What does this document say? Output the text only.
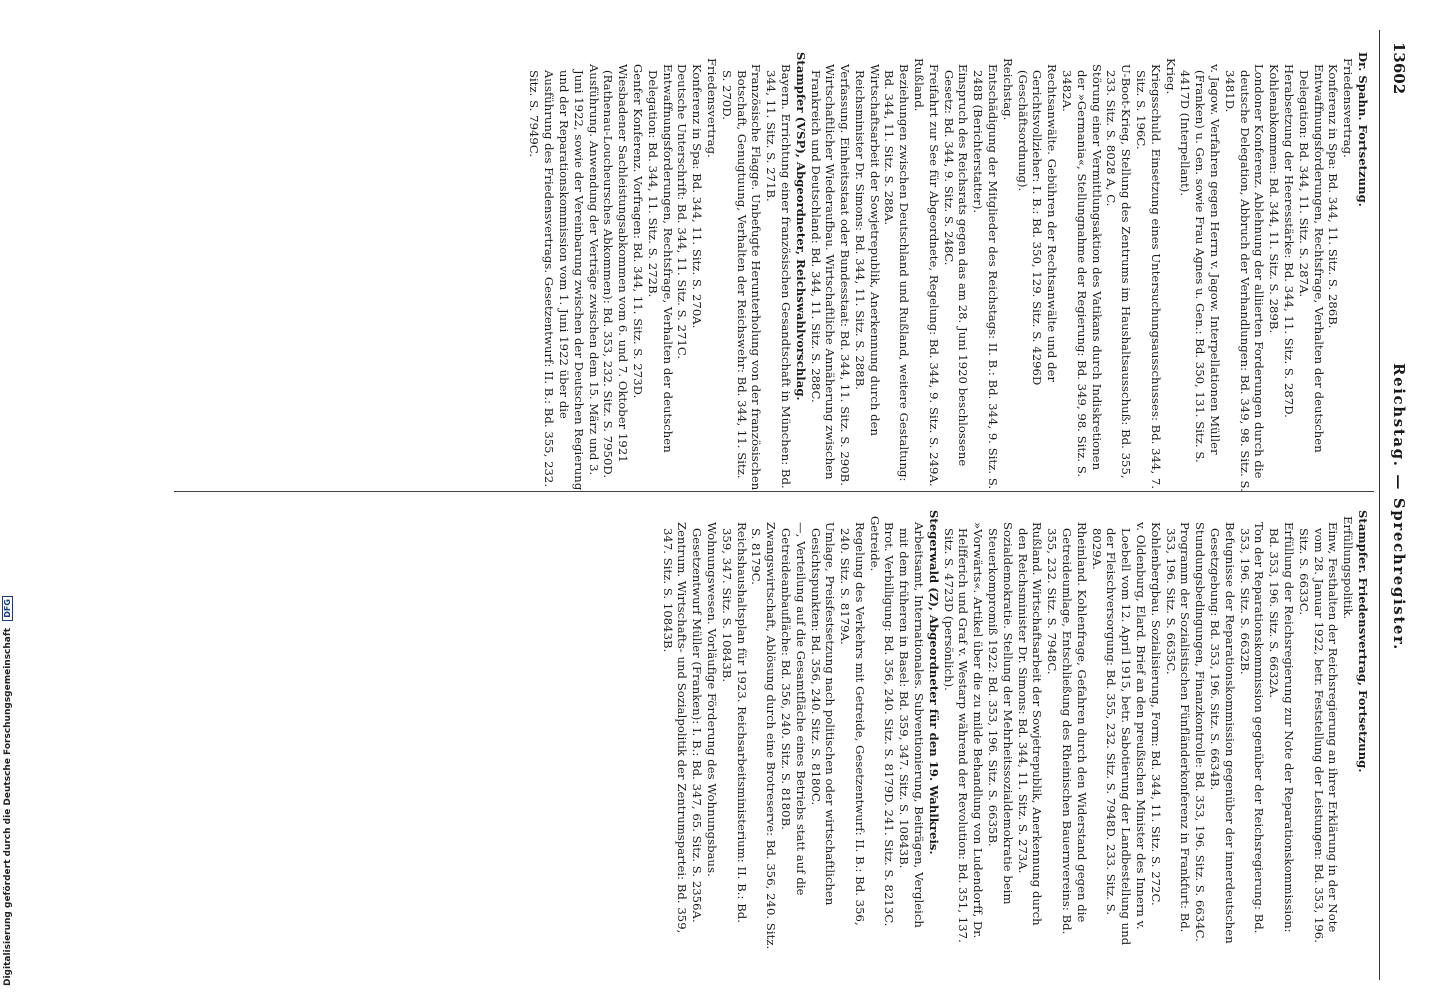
13602
Reichstag. — Sprechregister.

Dr. Spahn. Fortsetzung.

Friedensvertrag.

Konferenz in Spa: Bd. 344, 11. Sitz. S. 286B.

Entwaffnungsforderungen, Rechtsfrage, Verhalten der deutschen Delegation: Bd. 344, 11. Sitz. S. 287A.

Herabsetzung der Heeresstärke: Bd. 344, 11. Sitz. S. 287D.

Kohlenabkommen: Bd. 344, 11. Sitz. S. 289B.

Londoner Konferenz. Ablehnung der alliierten Forderungen durch die deutsche Delegation, Abbruch der Verhandlungen: Bd. 349, 98. Sitz. S. 3481D.

v. Jagow. Verfahren gegen Herrn v. Jagow. Interpellationen Müller (Franken) u. Gen. sowie Frau Agnes u. Gen.: Bd. 350, 131. Sitz. S. 4417D (Interpellant).

Krieg.

Kriegsschuld. Einsetzung eines Untersuchungsausschusses: Bd. 344, 7. Sitz. S. 196C.

U-Boot-Krieg, Stellung des Zentrums im Haushaltsausschuß: Bd. 355, 233. Sitz. S. 8028 A, C.

Störung einer Vermittlungsaktion des Vatikans durch Indiskretionen der »Germania«, Stellungnahme der Regierung: Bd. 349, 98. Sitz. S. 3482A.

Rechtsanwälte. Gebühren der Rechtsanwälte und der Gerichtsvollzieher: I. B.: Bd. 350, 129. Sitz. S. 4296D (Geschäftsordnung).

Reichstag.

Entschädigung der Mitglieder des Reichstags: II. B.: Bd. 344, 9. Sitz. S. 248B (Berichterstatter).

Einspruch des Reichsrats gegen das am 28. Juni 1920 beschlossene Gesetz: Bd. 344, 9. Sitz. S. 248C.

Freifahrt zur See für Abgeordnete, Regelung: Bd. 344, 9. Sitz. S. 249A.

Rußland.

Beziehungen zwischen Deutschland und Rußland, weitere Gestaltung: Bd. 344, 11. Sitz. S. 288A.

Wirtschaftsarbeit der Sowjetrepublik, Anerkennung durch den Reichsminister Dr. Simons: Bd. 344, 11. Sitz. S. 288B.

Verfassung. Einheitsstaat oder Bundesstaat: Bd. 344, 11. Sitz. S. 290B.

Wirtschaftlicher Wiederaufbau. Wirtschaftliche Annäherung zwischen Frankreich und Deutschland: Bd. 344, 11. Sitz. S. 288C.

Stampfer (VSP), Abgeordneter, Reichswahlvorschlag.

Bayern. Errichtung einer französischen Gesandtschaft in München: Bd. 344, 11. Sitz. S. 271B.

Französische Flagge. Unbefugte Herunterholung von der französischen Botschaft, Genugtuung, Verhalten der Reichswehr: Bd. 344, 11. Sitz. S. 270D.

Friedensvertrag.

Konferenz in Spa: Bd. 344, 11. Sitz. S. 270A.

Deutsche Unterschrift: Bd. 344, 11. Sitz. S. 271C.

Entwaffnungsforderungen, Rechtsfrage, Verhalten der deutschen Delegation: Bd. 344, 11. Sitz. S. 272B.

Genfer Konferenz. Vorfragen: Bd. 344, 11. Sitz. S. 273D.

Wiesbadener Sachleistungsabkommen vom 6. und 7. Oktober 1921 (Rathenau-Loucheursches Abkommen): Bd. 353, 232. Sitz. S. 7950D.

Ausführung. Anwendung der Verträge zwischen dem 15. März und 3. Juni 1922, sowie der Vereinbarung zwischen der Deutschen Regierung und der Reparationskommission vom 1. Juni 1922 über die Ausführung des Friedensvertrags. Gesetzentwurf: II. B.: Bd. 355, 232. Sitz. S. 7949C.

Stampfer. Friedensvertrag, Fortsetzung.

Erfüllungspolitik.

Einw, Festhalten der Reichsregierung an ihrer Erklärung in der Note vom 28. Januar 1922, betr. Feststellung der Leistungen: Bd. 353, 196. Sitz. S. 6633C.

Erfüllung der Reichsregierung zur Note der Reparationskommission: Bd. 353, 196. Sitz. S. 6632A.

Ton der Reparationskommission gegenüber der Reichsregierung: Bd. 353, 196. Sitz. S. 6632B.

Befugnisse der Reparationskommission gegenüber der innerdeutschen Gesetzgebung: Bd. 353, 196. Sitz. S. 6634B.

Stundungsbedingungen, Finanzkontrolle: Bd. 353, 196. Sitz. S. 6634C.

Programm der Sozialistischen Fünfländerkonferenz in Frankfurt: Bd. 353, 196. Sitz. S. 6635C.

Kohlenbergbau. Sozialisierung, Form: Bd. 344, 11. Sitz. S. 272C.

v. Oldenburg, Elard. Brief an den preußischen Minister des Innern v. Loebell vom 12. April 1915, betr. Sabotierung der Landbestellung und der Fleischversorgung: Bd. 355, 232. Sitz. S. 7948D. 233. Sitz. S. 8029A.

Rheinland. Kohlenfrage, Gefahren durch den Widerstand gegen die Getreideumlage, Entschließung des Rheinischen Bauernvereins: Bd. 355, 232. Sitz. S. 7948C.

Rußland. Wirtschaftsarbeit der Sowjetrepublik, Anerkennung durch den Reichsminister Dr. Simons: Bd. 344, 11. Sitz. S. 273A.

Sozialdemokratie. Stellung der Mehrheitssozialdemokratie beim Steuerkompromiß 1922: Bd. 353, 196. Sitz. S. 6635B.

»Vorwärts«. Artikel über die zu milde Behandlung von Ludendorff, Dr. Helfferich und Graf v. Westarp während der Revolution: Bd. 351, 137. Sitz. S. 4723D (persönlich).

Stegerwald (Z), Abgeordneter für den 19. Wahlkreis.

Arbeitsamt, Internationales. Subventionierung, Beiträgen, Vergleich mit dem früheren in Basel: Bd. 359, 347. Sitz. S. 10843B.

Brot. Verbilligung: Bd. 356, 240. Sitz. S. 8179D. 241. Sitz. S. 8213C.

Getreide.

Regelung des Verkehrs mit Getreide, Gesetzentwurf: II. B.: Bd. 356, 240. Sitz. S. 8179A.

Umlage, Preisfestsetzung nach politischen oder wirtschaftlichen Gesichtspunkten: Bd. 356, 240. Sitz. S. 8180C.

—, Verteilung auf die Gesamtfläche eines Betriebs statt auf die Getreideanbaufläche: Bd. 356, 240. Sitz. S. 8180B.

Zwangswirtschaft, Ablösung durch eine Brotreserve: Bd. 356, 240. Sitz. S. 8179C.

Reichshaushaltsplan für 1923. Reichsarbeitsministerium: II. B.: Bd. 359, 347. Sitz. S. 10843B.

Wohnungswesen. Vorläufige Förderung des Wohnungsbaus. Gesetzentwurf Müller (Franken): I. B.: Bd. 347, 65. Sitz. S. 2356A.

Zentrum. Wirtschafts- und Sozialpolitik der Zentrumspartei: Bd. 359, 347. Sitz. S. 10843B.

Digitalisierung gefördert durch die Deutsche Forschungsgemeinschaft DFG
